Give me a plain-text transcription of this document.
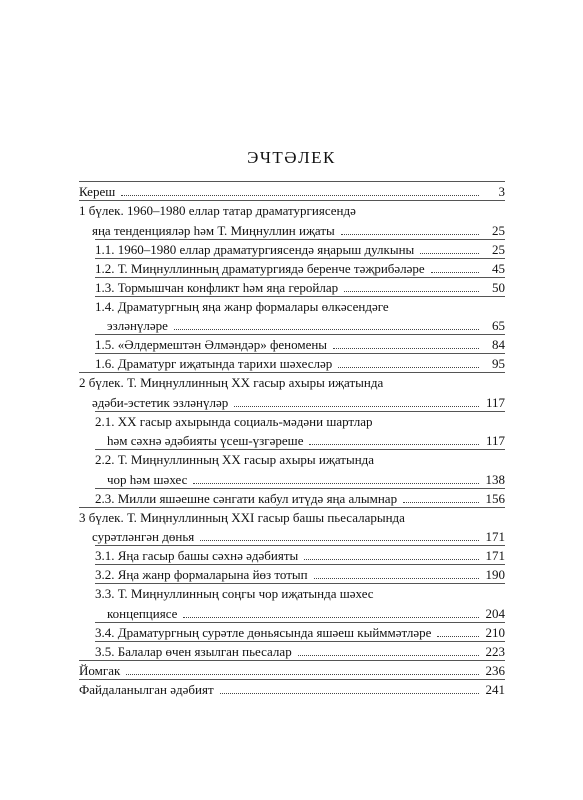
ЭЧТӘЛЕК
Кереш	3
1 бүлек. 1960–1980 еллар татар драматургиясендә
яңа тенденцияләр һәм Т. Миңнуллин иҗаты	25
1.1. 1960–1980 еллар драматургиясендә яңарыш дулкыны	25
1.2. Т. Миңнуллинның драматургиядә беренче тәҗрибәләре	45
1.3. Тормышчан конфликт һәм яңа геройлар	50
1.4. Драматургның яңа жанр формалары өлкәсендәге
эзләнүләре	65
1.5. «Әлдермештән Әлмәндәр» феномены	84
1.6. Драматург иҗатында тарихи шәхесләр	95
2 бүлек. Т. Миңнуллинның XX гасыр ахыры иҗатында
әдәби-эстетик эзләнүләр	117
2.1. XX гасыр ахырында социаль-мәдәни шартлар
һәм сәхнә әдәбияты үсеш-үзгәреше	117
2.2. Т. Миңнуллинның XX гасыр ахыры иҗатында
чор һәм шәхес	138
2.3. Милли яшәешне сәнгати кабул итүдә яңа алымнар	156
3 бүлек. Т. Миңнуллинның XXI гасыр башы пьесаларында
сурәтләнгән дөнья	171
3.1. Яңа гасыр башы сәхнә әдәбияты	171
3.2. Яңа жанр формаларына йөз тотып	190
3.3. Т. Миңнуллинның соңгы чор иҗатында шәхес
концепциясе	204
3.4. Драматургның сурәтле дөньясында яшәеш кыйммәтләре	210
3.5. Балалар өчен язылган пьесалар	223
Йомгак	236
Файдаланылган әдәбият	241
